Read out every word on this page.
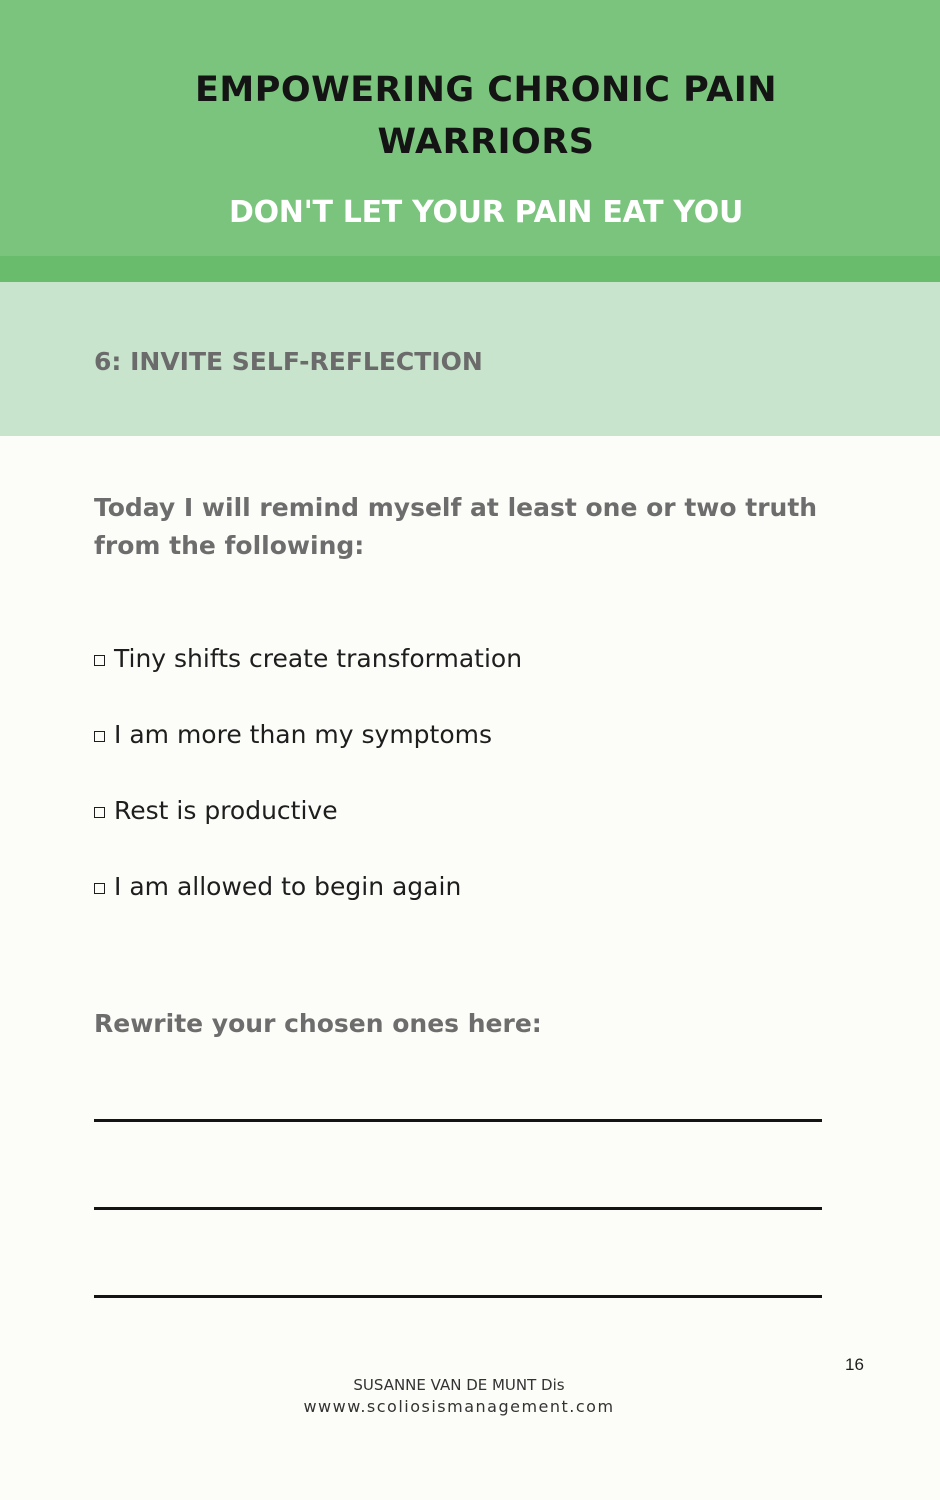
EMPOWERING CHRONIC PAIN
WARRIORS
DON'T LET YOUR PAIN EAT YOU
6: INVITE SELF-REFLECTION

Today I will remind myself at least one or two truth from the following:

Tiny shifts create transformation
I am more than my symptoms
Rest is productive
I am allowed to begin again

Rewrite your chosen ones here:

16
SUSANNE VAN DE MUNT Dis
wwww.scoliosismanagement.com
